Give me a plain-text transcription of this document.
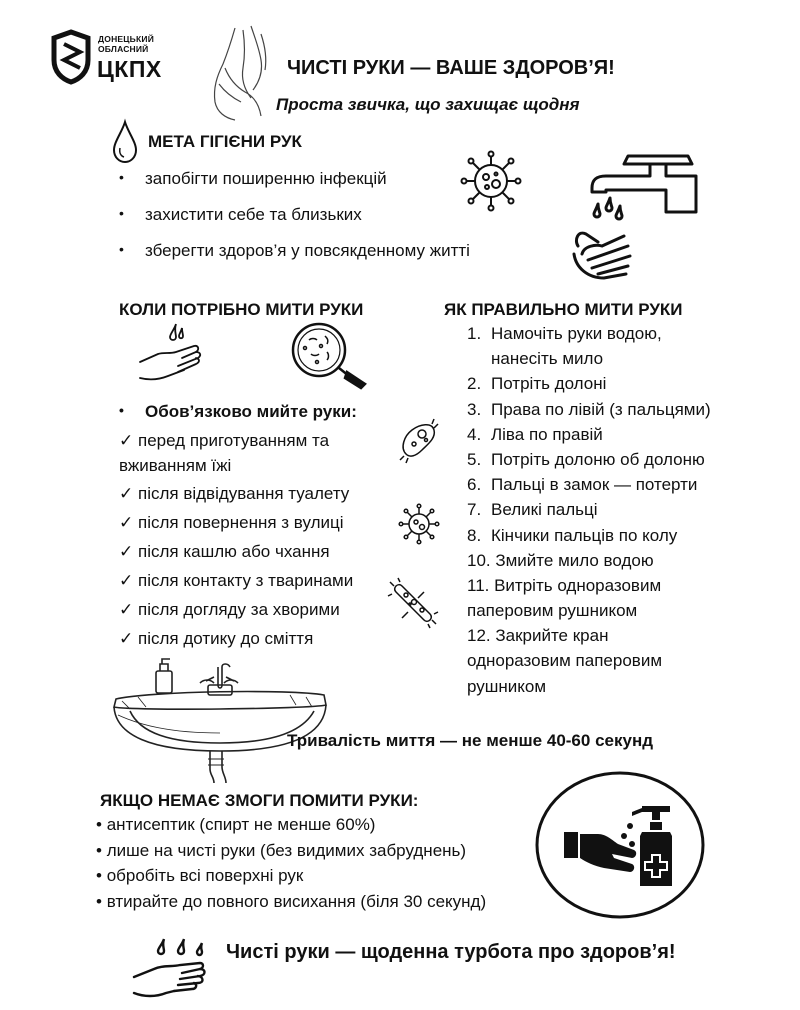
ДОНЕЦЬКИЙ
ОБЛАСНИЙ
ЦКПХ	ЧИСТІ РУКИ — ВАШЕ ЗДОРОВ’Я!
Проста звичка, що захищає щодня
МЕТА ГІГІЄНИ РУК
• запобігти поширенню інфекцій
• захистити себе та близьких
• зберегти здоров’я у повсякденному житті
КОЛИ ПОТРІБНО МИТИ РУКИ
• Обов’язково мийте руки:
✓ перед приготуванням та
вживанням їжі
✓ після відвідування туалету
✓ після повернення з вулиці
✓ після кашлю або чхання
✓ після контакту з тваринами
✓ після догляду за хворими
✓ після дотику до сміття
ЯК ПРАВИЛЬНО МИТИ РУКИ
1. Намочіть руки водою,
нанесіть мило
2. Потріть долоні
3. Права по лівій (з пальцями)
4. Ліва по правій
5. Потріть долоню об долоню
6. Пальці в замок — потерти
7. Великі пальці
8. Кінчики пальців по колу
10. Змийте мило водою
11. Витріть одноразовим
паперовим рушником
12. Закрийте кран
одноразовим паперовим
рушником
Тривалість миття — не менше 40-60 секунд
ЯКЩО НЕМАЄ ЗМОГИ ПОМИТИ РУКИ:
• антисептик (спирт не менше 60%)
• лише на чисті руки (без видимих забруднень)
• обробіть всі поверхні рук
• втирайте до повного висихання (біля 30 секунд)
Чисті руки — щоденна турбота про здоров’я!
